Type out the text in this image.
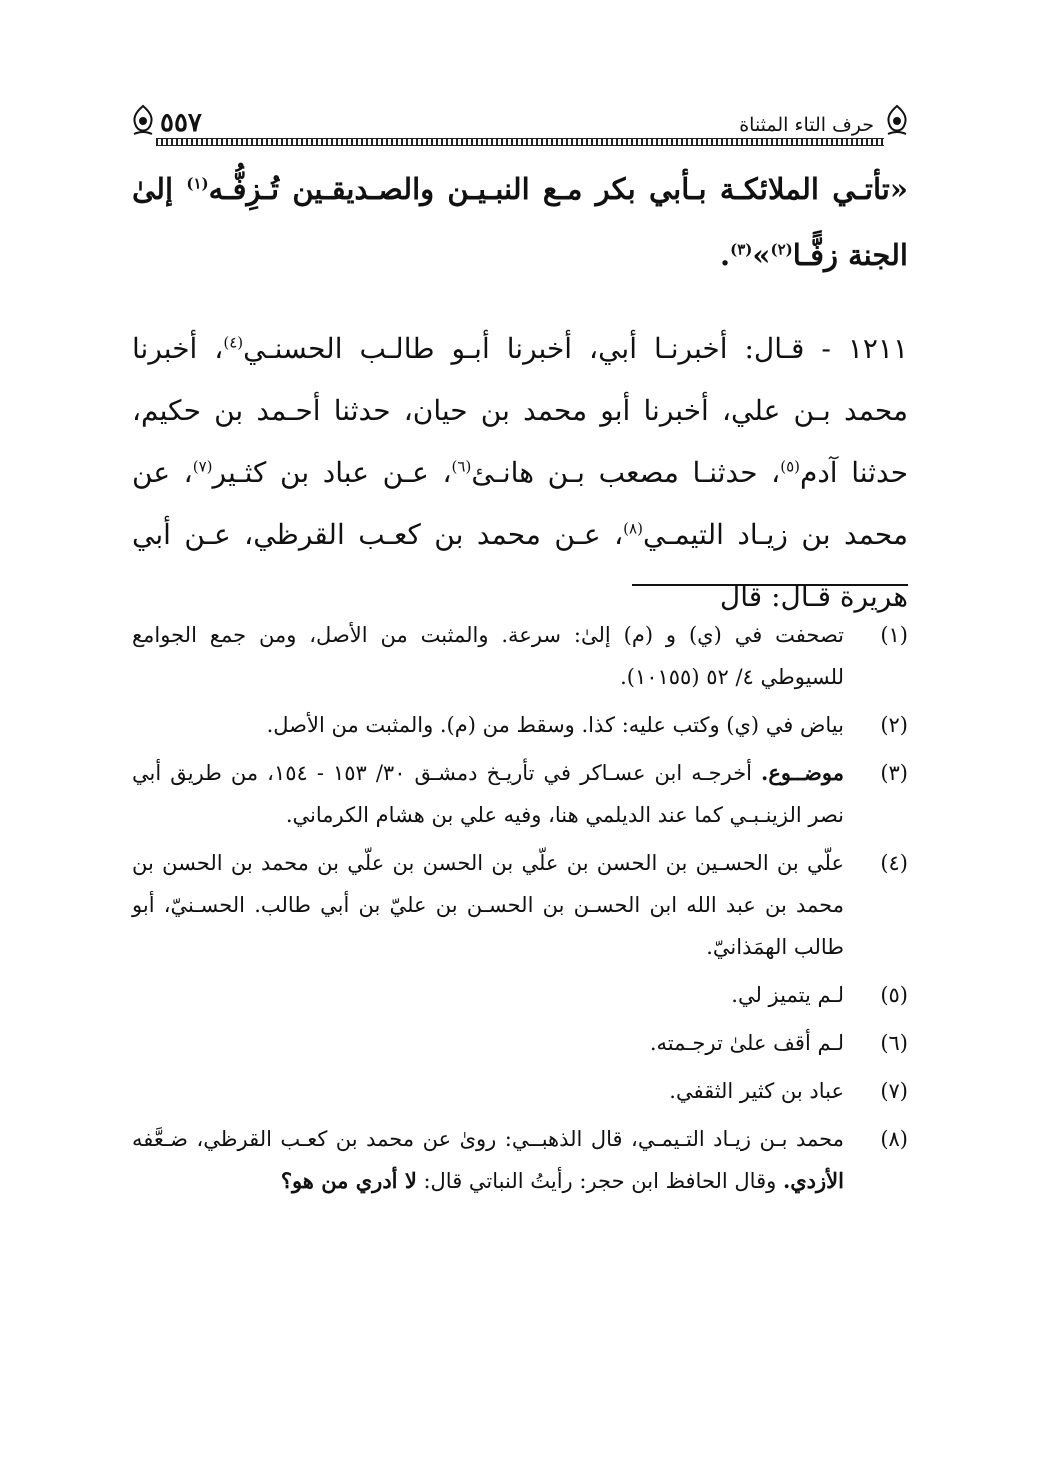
حرف التاء المثناة
٥٥٧

«تأتـي الملائكـة بـأبي بكر مـع النبـيـن والصـديقـين تُـزِفُّـه$^{(١)}$ إلىٰ الجنة زفًّـا$^{(٢)}$»$^{(٣)}$.

١٢١١ - قـال: أخبرنـا أبي، أخبرنا أبـو طالـب الحسنـي$^{(٤)}$، أخبرنا محمد بـن علي، أخبرنا أبو محمد بن حيان، حدثنا أحـمد بن حكيم، حدثنا آدم$^{(٥)}$، حدثنـا مصعب بـن هانـئ$^{(٦)}$، عـن عباد بن كثـير$^{(٧)}$، عن محمد بن زيـاد التيمـي$^{(٨)}$، عـن محمد بن كعـب القرظي، عـن أبي هريرة قـال: قال

(١)
تصحفت في (ي) و (م) إلىٰ: سرعة. والمثبت من الأصل، ومن جمع الجوامع للسيوطي ٤/ ٥٢ (١٠١٥٥).
(٢)
بياض في (ي) وكتب عليه: كذا. وسقط من (م). والمثبت من الأصل.
(٣)
موضــوع. أخرجـه ابن عسـاكر في تأريـخ دمشـق ٣٠/ ١٥٣ - ١٥٤، من طريق أبي نصر الزينـبـي كما عند الديلمي هنا، وفيه علي بن هشام الكرماني.
(٤)
علّي بن الحسـين بن الحسن بن علّي بن الحسن بن علّي بن محمد بن الحسن بن محمد بن عبد الله ابن الحسـن بن الحسـن بن عليّ بن أبي طالب. الحسـنيّ، أبو طالب الهمَذانيّ.
(٥)
لـم يتميز لي.
(٦)
لـم أقف علىٰ ترجـمته.
(٧)
عباد بن كثير الثقفي.
(٨)
محمد بـن زيـاد التـيمـي، قال الذهبــي: روىٰ عن محمد بن كعـب القرظي، ضـعَّفه الأزدي. وقال الحافظ ابن حجر: رأيتُ النباتي قال: لا أدري من هو؟
